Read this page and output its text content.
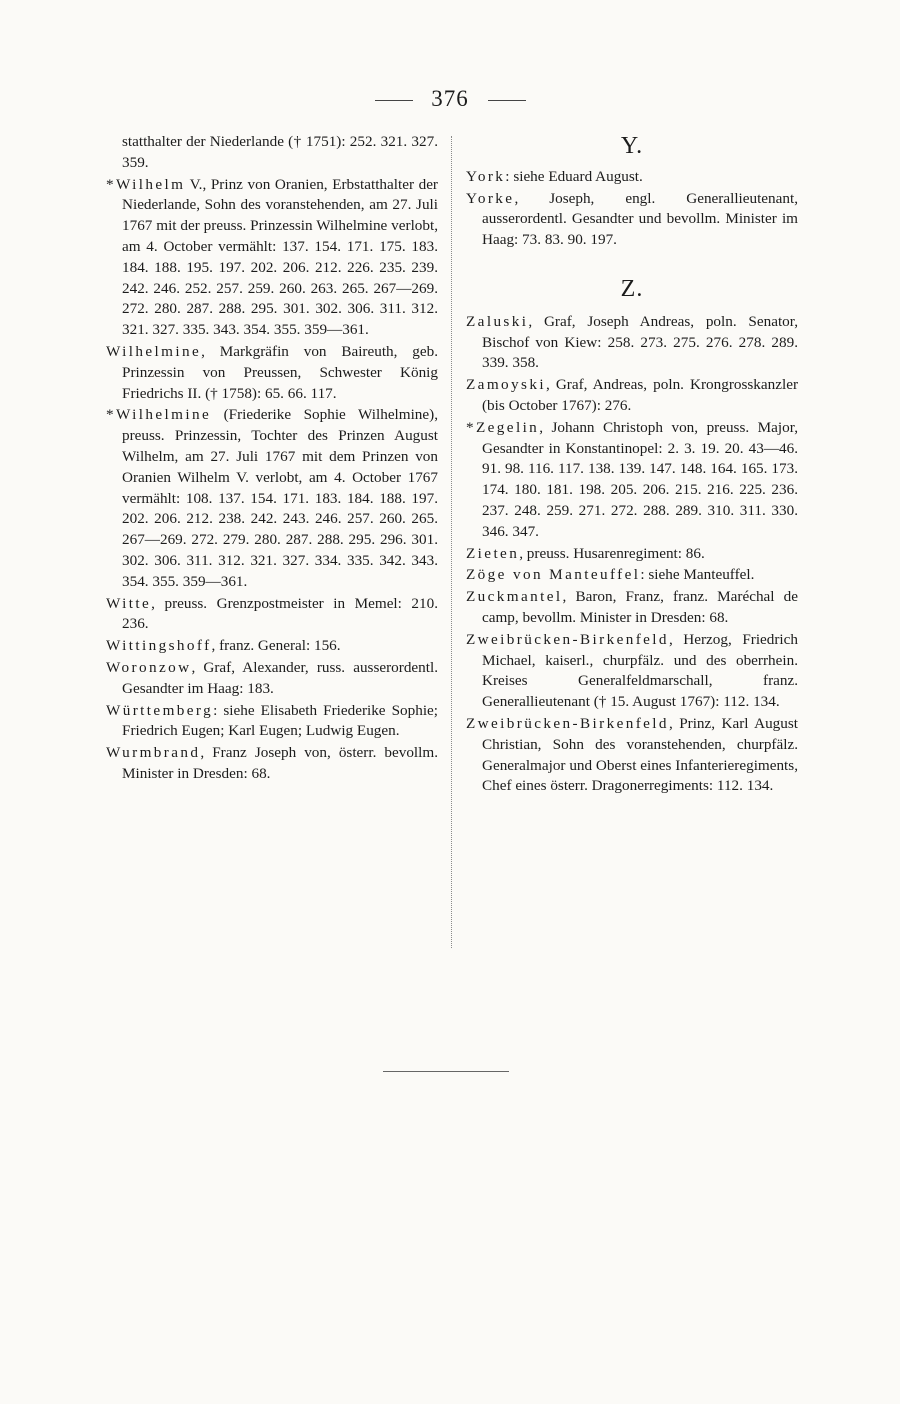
376
statthalter der Niederlande († 1751): 252. 321. 327. 359.
*Wilhelm V., Prinz von Oranien, Erbstatthalter der Niederlande, Sohn des voranstehenden, am 27. Juli 1767 mit der preuss. Prinzessin Wilhelmine verlobt, am 4. October vermählt: 137. 154. 171. 175. 183. 184. 188. 195. 197. 202. 206. 212. 226. 235. 239. 242. 246. 252. 257. 259. 260. 263. 265. 267—269. 272. 280. 287. 288. 295. 301. 302. 306. 311. 312. 321. 327. 335. 343. 354. 355. 359—361.
Wilhelmine, Markgräfin von Baireuth, geb. Prinzessin von Preussen, Schwester König Friedrichs II. († 1758): 65. 66. 117.
*Wilhelmine (Friederike Sophie Wilhelmine), preuss. Prinzessin, Tochter des Prinzen August Wilhelm, am 27. Juli 1767 mit dem Prinzen von Oranien Wilhelm V. verlobt, am 4. October 1767 vermählt: 108. 137. 154. 171. 183. 184. 188. 197. 202. 206. 212. 238. 242. 243. 246. 257. 260. 265. 267—269. 272. 279. 280. 287. 288. 295. 296. 301. 302. 306. 311. 312. 321. 327. 334. 335. 342. 343. 354. 355. 359—361.
Witte, preuss. Grenzpostmeister in Memel: 210. 236.
Wittingshoff, franz. General: 156.
Woronzow, Graf, Alexander, russ. ausserordentl. Gesandter im Haag: 183.
Württemberg: siehe Elisabeth Friederike Sophie; Friedrich Eugen; Karl Eugen; Ludwig Eugen.
Wurmbrand, Franz Joseph von, österr. bevollm. Minister in Dresden: 68.
Y.
York: siehe Eduard August.
Yorke, Joseph, engl. Generallieutenant, ausserordentl. Gesandter und bevollm. Minister im Haag: 73. 83. 90. 197.
Z.
Zaluski, Graf, Joseph Andreas, poln. Senator, Bischof von Kiew: 258. 273. 275. 276. 278. 289. 339. 358.
Zamoyski, Graf, Andreas, poln. Krongrosskanzler (bis October 1767): 276.
*Zegelin, Johann Christoph von, preuss. Major, Gesandter in Konstantinopel: 2. 3. 19. 20. 43—46. 91. 98. 116. 117. 138. 139. 147. 148. 164. 165. 173. 174. 180. 181. 198. 205. 206. 215. 216. 225. 236. 237. 248. 259. 271. 272. 288. 289. 310. 311. 330. 346. 347.
Zieten, preuss. Husarenregiment: 86.
Zöge von Manteuffel: siehe Manteuffel.
Zuckmantel, Baron, Franz, franz. Maréchal de camp, bevollm. Minister in Dresden: 68.
Zweibrücken-Birkenfeld, Herzog, Friedrich Michael, kaiserl., churpfälz. und des oberrhein. Kreises Generalfeldmarschall, franz. Generallieutenant († 15. August 1767): 112. 134.
Zweibrücken-Birkenfeld, Prinz, Karl August Christian, Sohn des voranstehenden, churpfälz. Generalmajor und Oberst eines Infanterieregiments, Chef eines österr. Dragonerregiments: 112. 134.
